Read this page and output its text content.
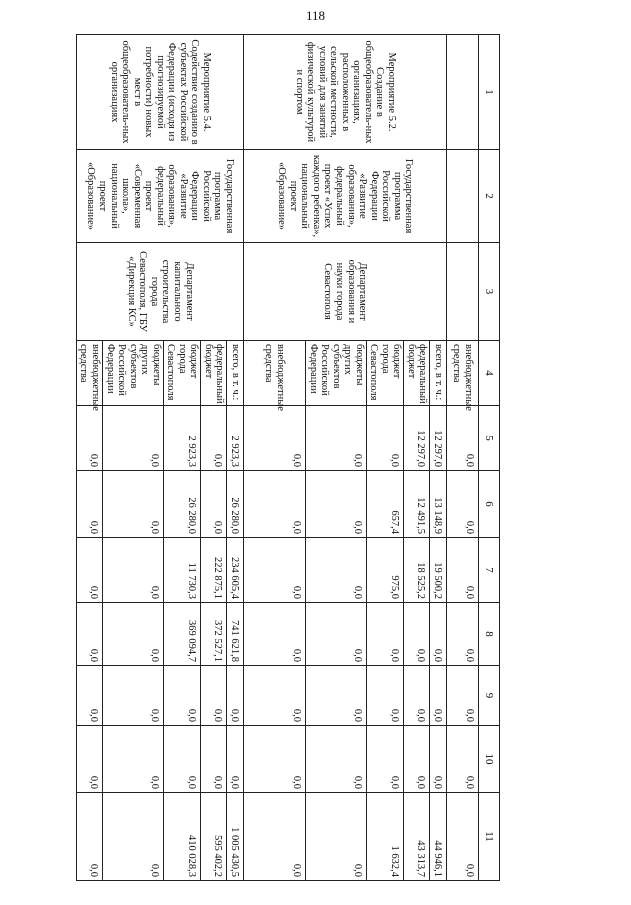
118
1	2	3	4	5	6	7	8	9	10	11
			внебюджетные средства	0,0	0,0	0,0	0,0	0,0	0,0	0,0
Мероприятие 5.2. Создание в общеобразователь-ных организациях, расположенных в сельской местности, условий для занятий физической культурой и спортом	Государственная программа Российской Федерации «Развитие образования», федеральный проект «Успех каждого ребенка», национальный проект «Образование»	Департамент образования и науки города Севастополя	всего, в т. ч.:	12 297,0	13 148,9	19 500,2	0,0	0,0	0,0	44 946,1
			федеральный бюджет	12 297,0	12 491,5	18 525,2	0,0	0,0	0,0	43 313,7
			бюджет города Севастополя	0,0	657,4	975,0	0,0	0,0	0,0	1 632,4
			бюджеты других субъектов Российской Федерации	0,0	0,0	0,0	0,0	0,0	0,0	0,0
			внебюджетные средства	0,0	0,0	0,0	0,0	0,0	0,0	0,0
Мероприятие 5.4. Содействие созданию в субъектах Российской Федерации (исходя из прогнозируемой потребности) новых мест в общеобразователь-ных организациях	Государственная программа Российской Федерации «Развитие образования», федеральный проект «Современная школа», национальный проект «Образование»	Департамент капитального строительства города Севастополя, ГБУ «Дирекция КС»	всего, в т. ч.:	2 923,3	26 280,0	234 605,4	741 621,8	0,0	0,0	1 005 430,5
			федеральный бюджет	0,0	0,0	222 875,1	372 527,1	0,0	0,0	595 402,2
			бюджет города Севастополя	2 923,3	26 280,0	11 730,3	369 094,7	0,0	0,0	410 028,3
			бюджеты других субъектов Российской Федерации	0,0	0,0	0,0	0,0	0,0	0,0	0,0
			внебюджетные средства	0,0	0,0	0,0	0,0	0,0	0,0	0,0
